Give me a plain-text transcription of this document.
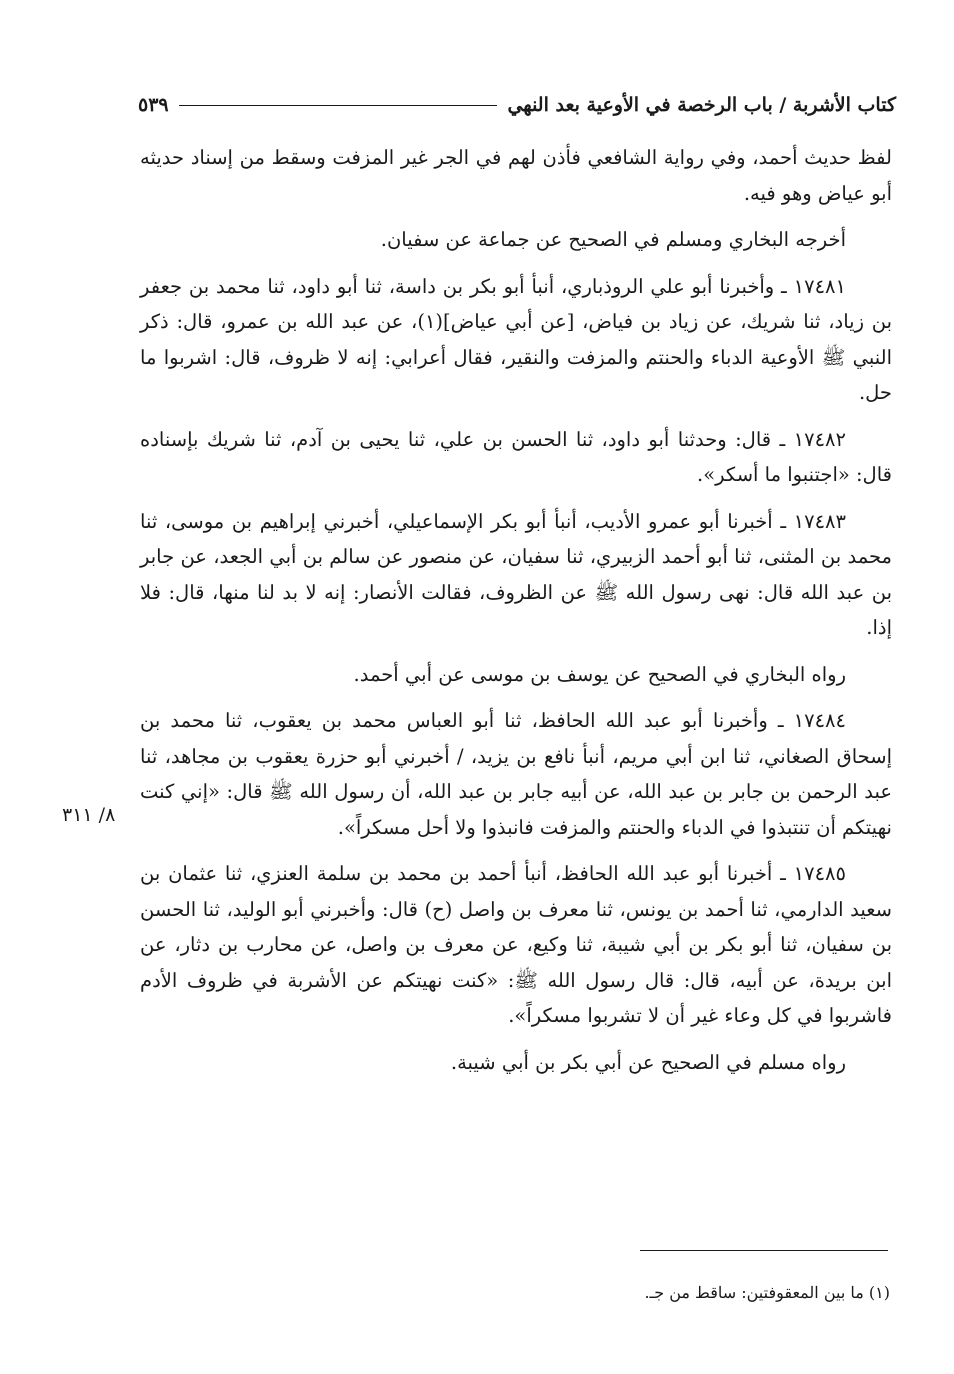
كتاب الأشربة / باب الرخصة في الأوعية بعد النهي
٥٣٩

لفظ حديث أحمد، وفي رواية الشافعي فأذن لهم في الجر غير المزفت وسقط من إسناد حديثه أبو عياض وهو فيه.

أخرجه البخاري ومسلم في الصحيح عن جماعة عن سفيان.

١٧٤٨١ ـ وأخبرنا أبو علي الروذباري، أنبأ أبو بكر بن داسة، ثنا أبو داود، ثنا محمد بن جعفر بن زياد، ثنا شريك، عن زياد بن فياض، [عن أبي عياض](١)، عن عبد الله بن عمرو، قال: ذكر النبي ﷺ الأوعية الدباء والحنتم والمزفت والنقير، فقال أعرابي: إنه لا ظروف، قال: اشربوا ما حل.

١٧٤٨٢ ـ قال: وحدثنا أبو داود، ثنا الحسن بن علي، ثنا يحيى بن آدم، ثنا شريك بإسناده قال: «اجتنبوا ما أسكر».

١٧٤٨٣ ـ أخبرنا أبو عمرو الأديب، أنبأ أبو بكر الإسماعيلي، أخبرني إبراهيم بن موسى، ثنا محمد بن المثنى، ثنا أبو أحمد الزبيري، ثنا سفيان، عن منصور عن سالم بن أبي الجعد، عن جابر بن عبد الله قال: نهى رسول الله ﷺ عن الظروف، فقالت الأنصار: إنه لا بد لنا منها، قال: فلا إذا.

رواه البخاري في الصحيح عن يوسف بن موسى عن أبي أحمد.

١٧٤٨٤ ـ وأخبرنا أبو عبد الله الحافظ، ثنا أبو العباس محمد بن يعقوب، ثنا محمد بن إسحاق الصغاني، ثنا ابن أبي مريم، أنبأ نافع بن يزيد، / أخبرني أبو حزرة يعقوب بن مجاهد، ثنا عبد الرحمن بن جابر بن عبد الله، عن أبيه جابر بن عبد الله، أن رسول الله ﷺ قال: «إني كنت نهيتكم أن تنتبذوا في الدباء والحنتم والمزفت فانبذوا ولا أحل مسكراً».

١٧٤٨٥ ـ أخبرنا أبو عبد الله الحافظ، أنبأ أحمد بن محمد بن سلمة العنزي، ثنا عثمان بن سعيد الدارمي، ثنا أحمد بن يونس، ثنا معرف بن واصل (ح) قال: وأخبرني أبو الوليد، ثنا الحسن بن سفيان، ثنا أبو بكر بن أبي شيبة، ثنا وكيع، عن معرف بن واصل، عن محارب بن دثار، عن ابن بريدة، عن أبيه، قال: قال رسول الله ﷺ: «كنت نهيتكم عن الأشربة في ظروف الأدم فاشربوا في كل وعاء غير أن لا تشربوا مسكراً».

رواه مسلم في الصحيح عن أبي بكر بن أبي شيبة.

٨/ ٣١١
(١) ما بين المعقوفتين: ساقط من جـ.
